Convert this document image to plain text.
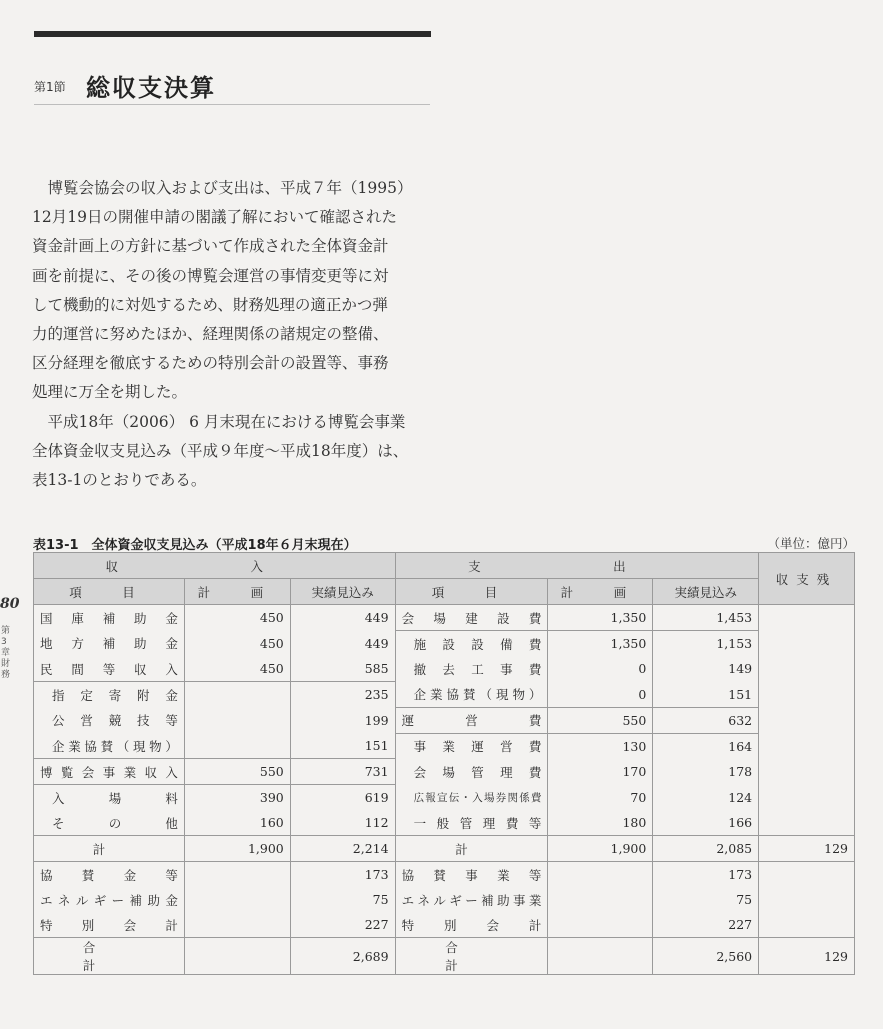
第1節 総収支決算
　博覧会協会の収入および支出は、平成７年（1995）
12月19日の開催申請の閣議了解において確認された
資金計画上の方針に基づいて作成された全体資金計
画を前提に、その後の博覧会運営の事情変更等に対
して機動的に対処するため、財務処理の適正かつ弾
力的運営に努めたほか、経理関係の諸規定の整備、
区分経理を徹底するための特別会計の設置等、事務
処理に万全を期した。
　平成18年（2006） 6 月末現在における博覧会事業
全体資金収支見込み（平成９年度～平成18年度）は、
表13-1のとおりである。
80
第3章 財務
表13-1　全体資金収支見込み（平成18年６月末現在）	（単位：億円）
収　入			支　出			収支残
項　目	計　画	実績見込み	項　目	計　画	実績見込み	
国庫補助金	450	449	会場建設費	1,350	1,453	
地方補助金	450	449	施設設備費	1,350	1,153	
民間等収入	450	585	撤去工事費	0	149	
指定寄附金		235	企業協賛（現物）	0	151	
公営競技等		199	運営費	550	632	
企業協賛（現物）		151	事業運営費	130	164	
博覧会事業収入	550	731	会場管理費	170	178	
入場料	390	619	広報宣伝・入場券関係費	70	124	
その他	160	112	一般管理費等	180	166	
計	1,900	2,214	計	1,900	2,085	129
協賛金等		173	協賛事業等		173	
エネルギー補助金		75	エネルギー補助事業		75	
特別会計		227	特別会計		227	
合　計		2,689	合　計		2,560	129
